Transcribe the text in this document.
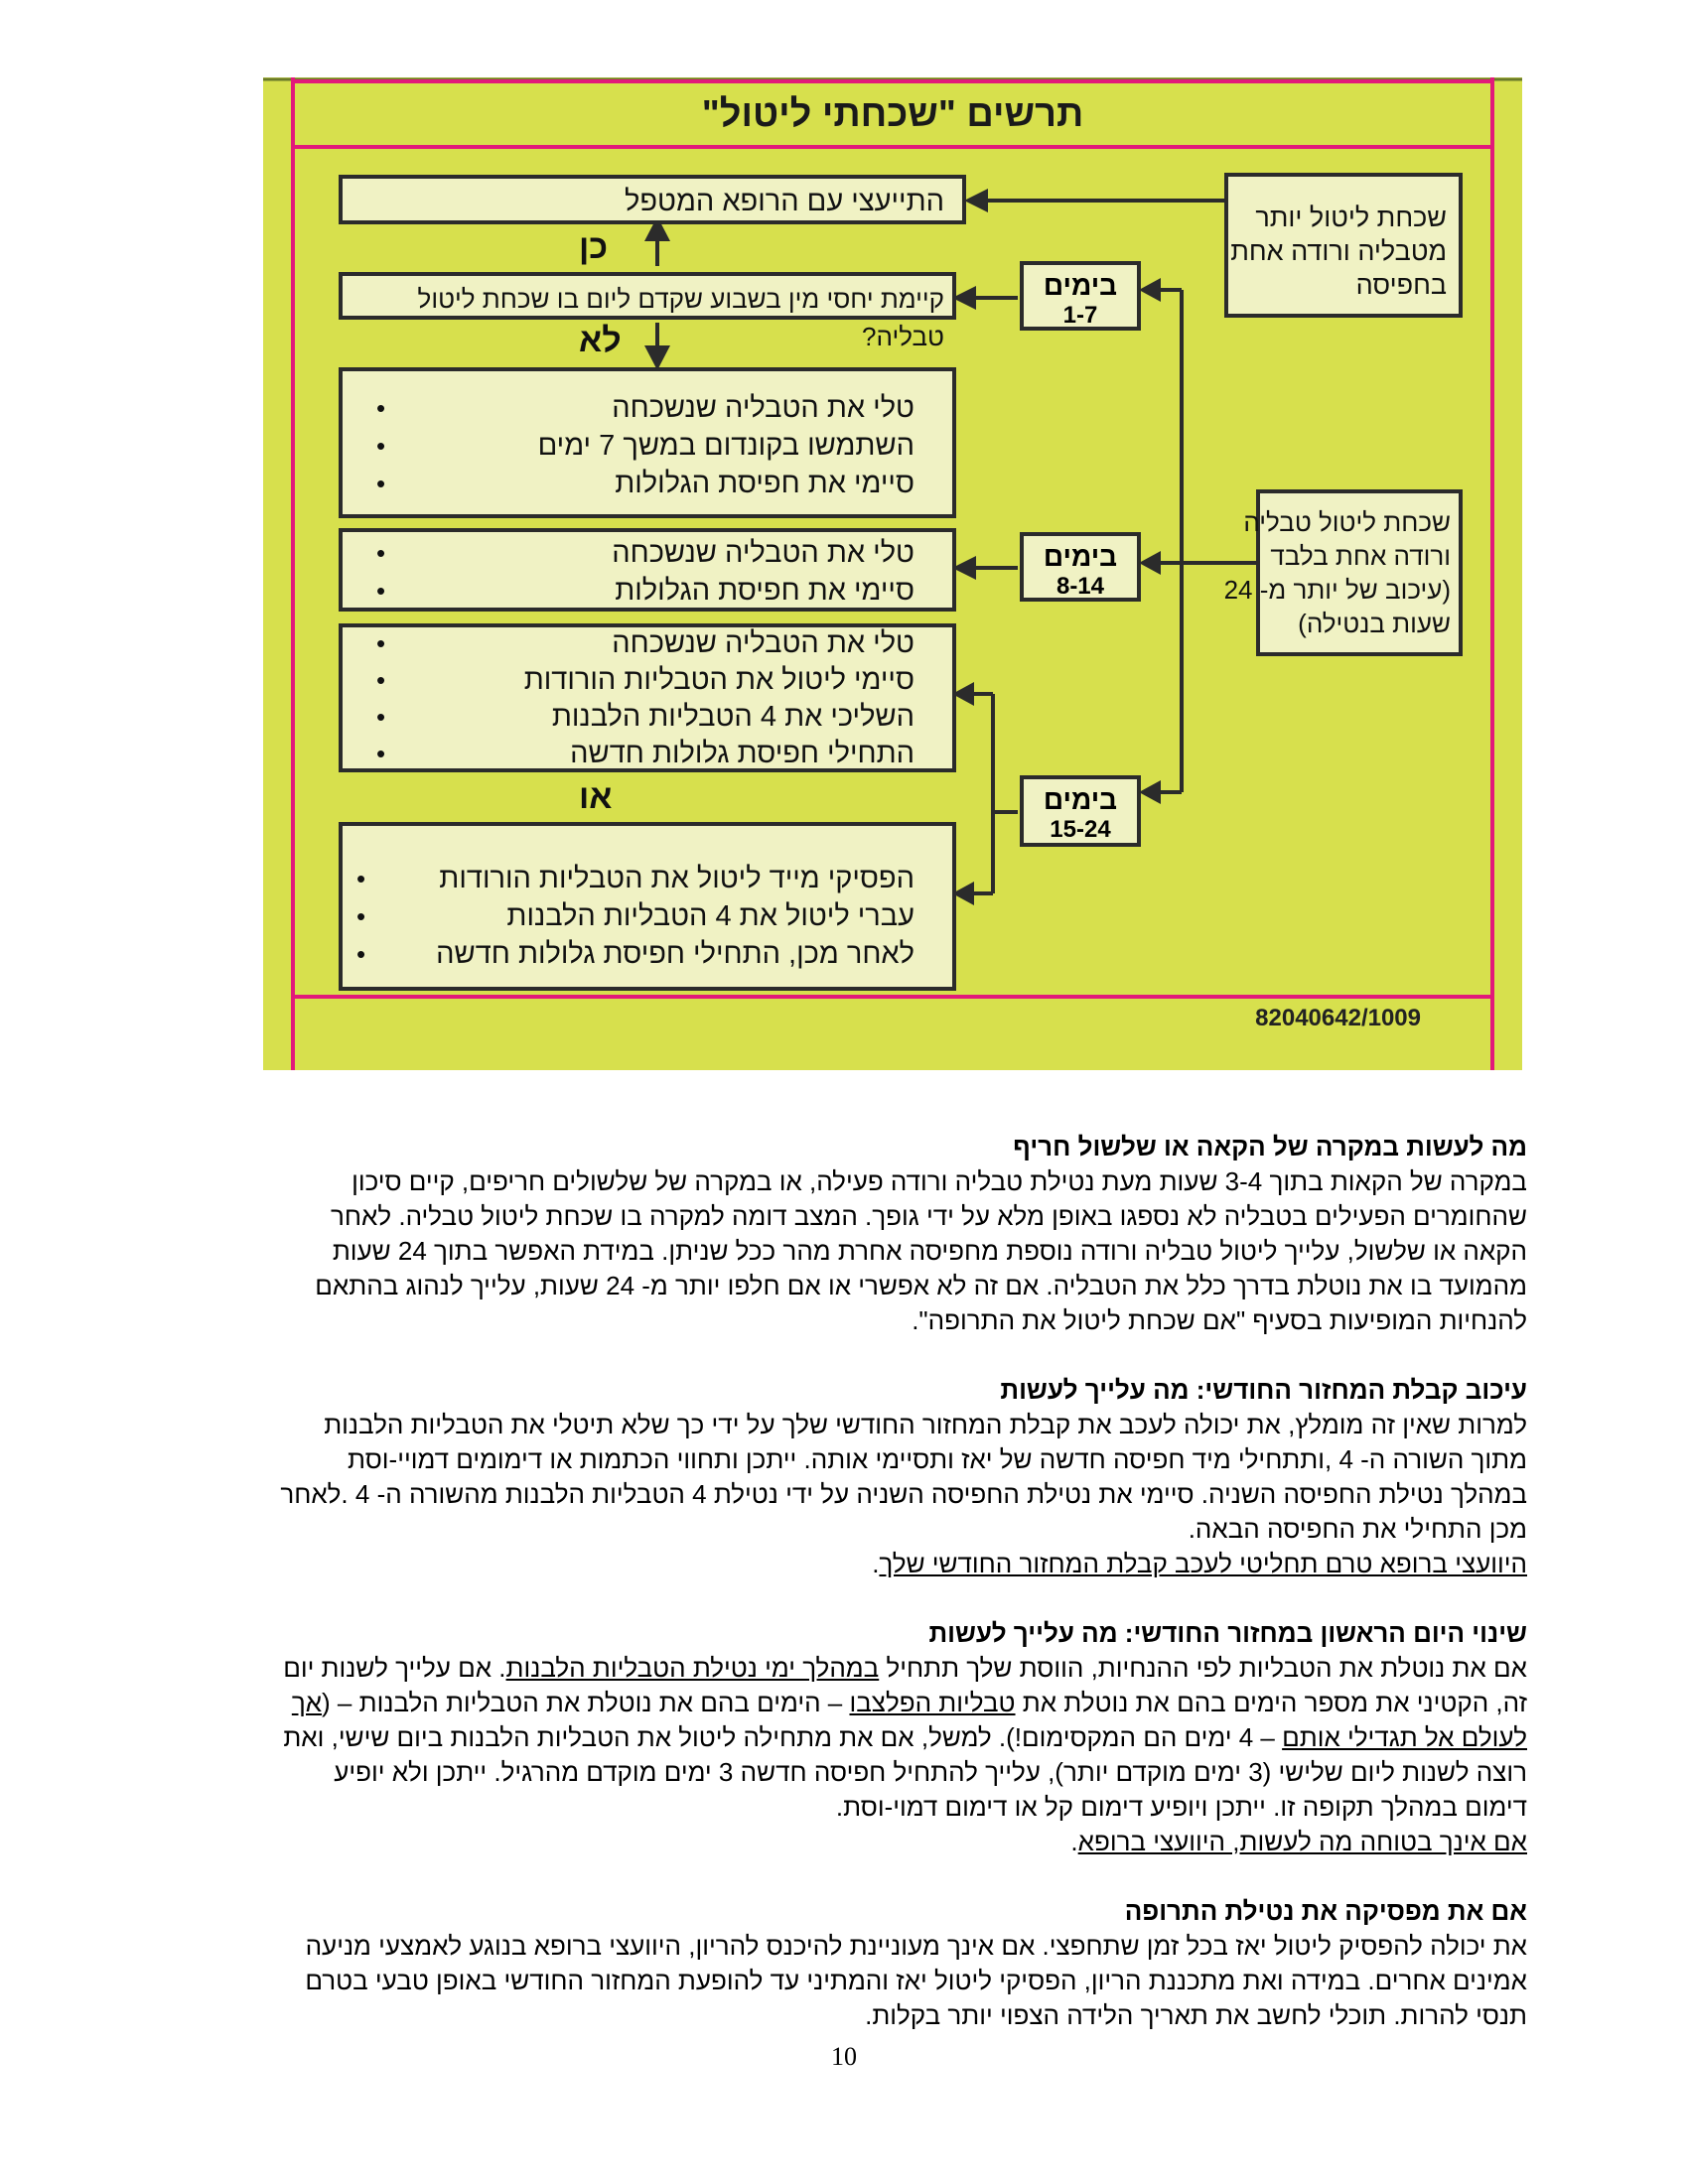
תרשים "שכחתי ליטול"
התייעצי עם הרופא המטפל
קיימת יחסי מין בשבוע שקדם ליום בו שכחת ליטול טבליה?
כן
לא
או
שכחת ליטול יותר
מטבליה ורודה אחת
בחפיסה
שכחת ליטול טבליה
ורודה אחת בלבד
(עיכוב של יותר מ- 24
שעות בנטילה)
בימים
1-7
בימים
8-14
בימים
15-24
טלי את הטבליה שנשכחה •
השתמשו בקונדום במשך 7 ימים •
סיימי את חפיסת הגלולות •
טלי את הטבליה שנשכחה •
סיימי את חפיסת הגלולות •
טלי את הטבליה שנשכחה •
סיימי ליטול את הטבליות הורודות •
השליכי את 4 הטבליות הלבנות •
התחילי חפיסת גלולות חדשה •
הפסיקי מייד ליטול את הטבליות הורודות •
עברי ליטול את 4 הטבליות הלבנות •
לאחר מכן, התחילי חפיסת גלולות חדשה •
82040642/1009
מה לעשות במקרה של הקאה או שלשול חריף

במקרה של הקאות בתוך 3-4 שעות מעת נטילת טבליה ורודה פעילה, או במקרה של שלשולים חריפים, קיים סיכון

שהחומרים הפעילים בטבליה לא נספגו באופן מלא על ידי גופך. המצב דומה למקרה בו שכחת ליטול טבליה. לאחר

הקאה או שלשול, עלייך ליטול טבליה ורודה נוספת מחפיסה אחרת מהר ככל שניתן. במידת האפשר בתוך 24 שעות

מהמועד בו את נוטלת בדרך כלל את הטבליה. אם זה לא אפשרי או אם חלפו יותר מ- 24 שעות, עלייך לנהוג בהתאם

להנחיות המופיעות בסעיף "אם שכחת ליטול את התרופה".

עיכוב קבלת המחזור החודשי: מה עלייך לעשות

למרות שאין זה מומלץ, את יכולה לעכב את קבלת המחזור החודשי שלך על ידי כך שלא תיטלי את הטבליות הלבנות

מתוך השורה ה- 4 ,ותתחילי מיד חפיסה חדשה של יאז ותסיימי אותה. ייתכן ותחווי הכתמות או דימומים דמויי-וסת

במהלך נטילת החפיסה השניה. סיימי את נטילת החפיסה השניה על ידי נטילת 4 הטבליות הלבנות מהשורה ה- 4 .לאחר

מכן התחילי את החפיסה הבאה.

היוועצי ברופא טרם תחליטי לעכב קבלת המחזור החודשי שלך.

שינוי היום הראשון במחזור החודשי: מה עלייך לעשות

אם את נוטלת את הטבליות לפי ההנחיות, הווסת שלך תתחיל במהלך ימי נטילת הטבליות הלבנות. אם עלייך לשנות יום

זה, הקטיני את מספר הימים בהם את נוטלת את טבליות הפלצבו – הימים בהם את נוטלת את הטבליות הלבנות – (אך

לעולם אל תגדילי אותם – 4 ימים הם המקסימום!). למשל, אם את מתחילה ליטול את הטבליות הלבנות ביום שישי, ואת

רוצה לשנות ליום שלישי (3 ימים מוקדם יותר), עלייך להתחיל חפיסה חדשה 3 ימים מוקדם מהרגיל. ייתכן ולא יופיע

דימום במהלך תקופה זו. ייתכן ויופיע דימום קל או דימום דמוי-וסת.

אם אינך בטוחה מה לעשות, היוועצי ברופא.

אם את מפסיקה את נטילת התרופה

את יכולה להפסיק ליטול יאז בכל זמן שתחפצי. אם אינך מעוניינת להיכנס להריון, היוועצי ברופא בנוגע לאמצעי מניעה

אמינים אחרים. במידה ואת מתכננת הריון, הפסיקי ליטול יאז והמתיני עד להופעת המחזור החודשי באופן טבעי בטרם

תנסי להרות. תוכלי לחשב את תאריך הלידה הצפוי יותר בקלות.

10
